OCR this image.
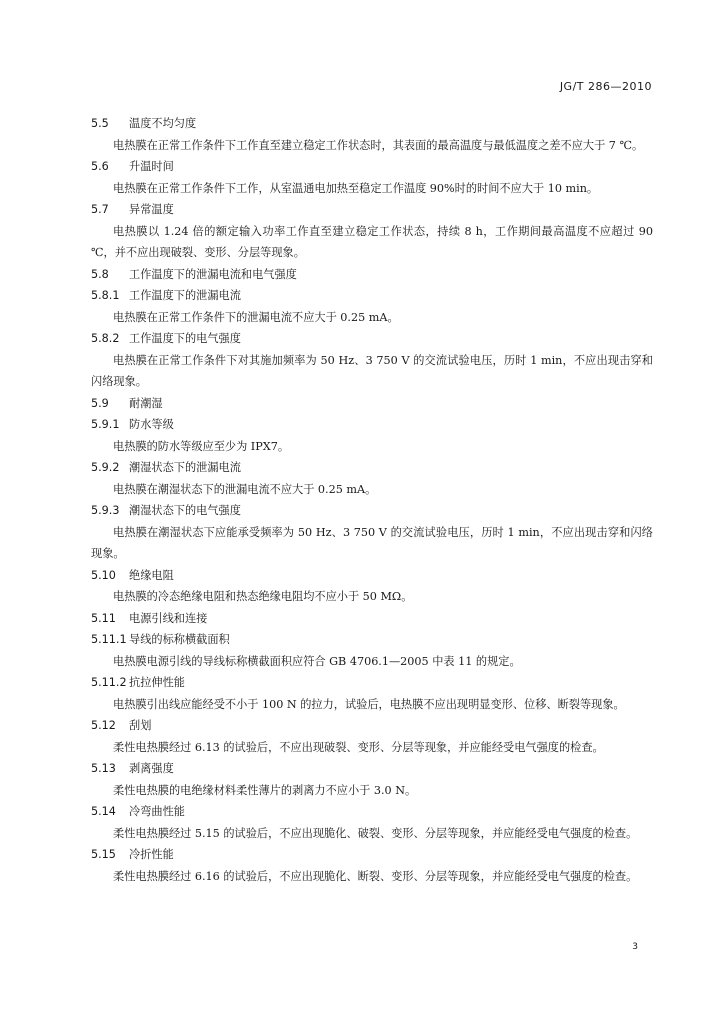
JG/T 286—2010
5.5 温度不均匀度
电热膜在正常工作条件下工作直至建立稳定工作状态时，其表面的最高温度与最低温度之差不应大于 7 ℃。
5.6 升温时间
电热膜在正常工作条件下工作，从室温通电加热至稳定工作温度 90%时的时间不应大于 10 min。
5.7 异常温度
电热膜以 1.24 倍的额定输入功率工作直至建立稳定工作状态，持续 8 h，工作期间最高温度不应超过 90 ℃，并不应出现破裂、变形、分层等现象。
5.8 工作温度下的泄漏电流和电气强度
5.8.1 工作温度下的泄漏电流
电热膜在正常工作条件下的泄漏电流不应大于 0.25 mA。
5.8.2 工作温度下的电气强度
电热膜在正常工作条件下对其施加频率为 50 Hz、3 750 V 的交流试验电压，历时 1 min，不应出现击穿和闪络现象。
5.9 耐潮湿
5.9.1 防水等级
电热膜的防水等级应至少为 IPX7。
5.9.2 潮湿状态下的泄漏电流
电热膜在潮湿状态下的泄漏电流不应大于 0.25 mA。
5.9.3 潮湿状态下的电气强度
电热膜在潮湿状态下应能承受频率为 50 Hz、3 750 V 的交流试验电压，历时 1 min，不应出现击穿和闪络现象。
5.10 绝缘电阻
电热膜的冷态绝缘电阻和热态绝缘电阻均不应小于 50 MΩ。
5.11 电源引线和连接
5.11.1 导线的标称横截面积
电热膜电源引线的导线标称横截面积应符合 GB 4706.1—2005 中表 11 的规定。
5.11.2 抗拉伸性能
电热膜引出线应能经受不小于 100 N 的拉力，试验后，电热膜不应出现明显变形、位移、断裂等现象。
5.12 刮划
柔性电热膜经过 6.13 的试验后，不应出现破裂、变形、分层等现象，并应能经受电气强度的检查。
5.13 剥离强度
柔性电热膜的电绝缘材料柔性薄片的剥离力不应小于 3.0 N。
5.14 冷弯曲性能
柔性电热膜经过 5.15 的试验后，不应出现脆化、破裂、变形、分层等现象，并应能经受电气强度的检查。
5.15 冷折性能
柔性电热膜经过 6.16 的试验后，不应出现脆化、断裂、变形、分层等现象，并应能经受电气强度的检查。
3
